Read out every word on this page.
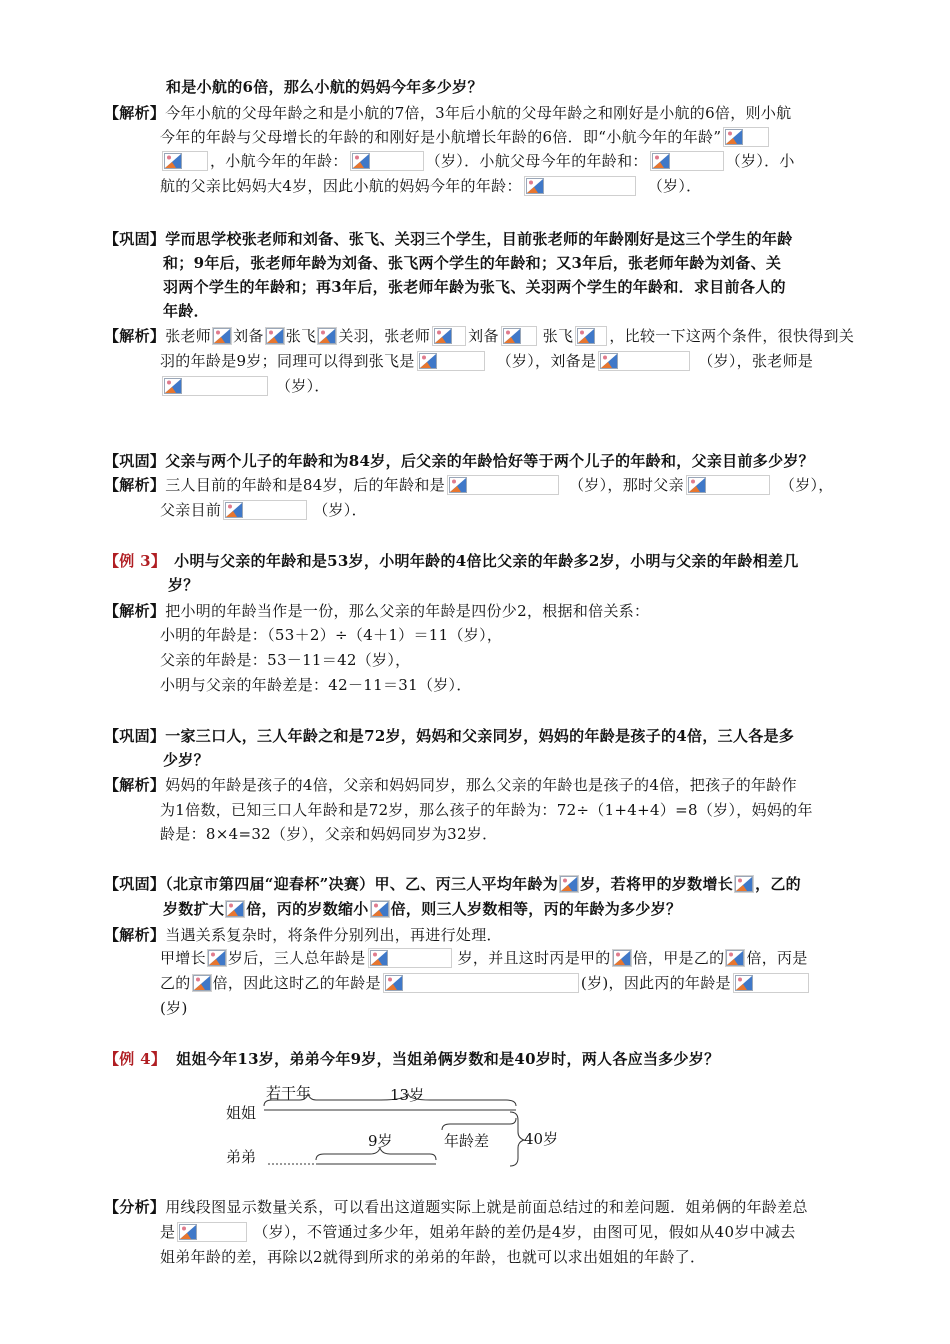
和是小航的6倍，那么小航的妈妈今年多少岁？
【解析】今年小航的父母年龄之和是小航的7倍，3年后小航的父母年龄之和刚好是小航的6倍，则小航
今年的年龄与父母增长的年龄的和刚好是小航增长年龄的6倍．即“小航今年的年龄”
，小航今年的年龄：	（岁）．小航父母今年的年龄和：	（岁）．小
航的父亲比妈妈大4岁，因此小航的妈妈今年的年龄：	（岁）．
【巩固】学而思学校张老师和刘备、张飞、关羽三个学生，目前张老师的年龄刚好是这三个学生的年龄
和；9年后，张老师年龄为刘备、张飞两个学生的年龄和；又3年后，张老师年龄为刘备、关
羽两个学生的年龄和；再3年后，张老师年龄为张飞、关羽两个学生的年龄和．求目前各人的
年龄．
【解析】张老师 刘备 张飞 关羽，张老师	刘备	张飞 ，比较一下这两个条件，很快得到关
羽的年龄是9岁；同理可以得到张飞是	（岁），刘备是	（岁），张老师是
（岁）．
【巩固】父亲与两个儿子的年龄和为84岁，后父亲的年龄恰好等于两个儿子的年龄和，父亲目前多少岁？
【解析】三人目前的年龄和是84岁，后的年龄和是	（岁），那时父亲	（岁），
父亲目前	（岁）．
【例 3】 小明与父亲的年龄和是53岁，小明年龄的4倍比父亲的年龄多2岁，小明与父亲的年龄相差几
岁？
【解析】把小明的年龄当作是一份，那么父亲的年龄是四份少2，根据和倍关系：
小明的年龄是：（53＋2）÷（4＋1）＝11（岁），
父亲的年龄是：53－11＝42（岁），
小明与父亲的年龄差是：42－11＝31（岁）．
【巩固】一家三口人，三人年龄之和是72岁，妈妈和父亲同岁，妈妈的年龄是孩子的4倍，三人各是多
少岁？
【解析】妈妈的年龄是孩子的4倍，父亲和妈妈同岁，那么父亲的年龄也是孩子的4倍，把孩子的年龄作
为1倍数，已知三口人年龄和是72岁，那么孩子的年龄为：72÷（1+4+4）=8（岁），妈妈的年
龄是：8×4=32（岁），父亲和妈妈同岁为32岁．
【巩固】（北京市第四届“迎春杯”决赛）甲、乙、丙三人平均年龄为 岁，若将甲的岁数增长 ，乙的
岁数扩大 倍，丙的岁数缩小 倍，则三人岁数相等，丙的年龄为多少岁？
【解析】当遇关系复杂时，将条件分别列出，再进行处理．
甲增长 岁后，三人总年龄是	岁，并且这时丙是甲的 倍，甲是乙的 倍，丙是
乙的 倍，因此这时乙的年龄是	(岁)，因此丙的年龄是
(岁)
【例 4】 姐姐今年13岁，弟弟今年9岁，当姐弟俩岁数和是40岁时，两人各应当多少岁？
姐姐
弟弟
若干年	13岁
9岁	年龄差 40岁
【分析】用线段图显示数量关系，可以看出这道题实际上就是前面总结过的和差问题．姐弟俩的年龄差总
是	（岁），不管通过多少年，姐弟年龄的差仍是4岁，由图可见，假如从40岁中减去
姐弟年龄的差，再除以2就得到所求的弟弟的年龄，也就可以求出姐姐的年龄了．
